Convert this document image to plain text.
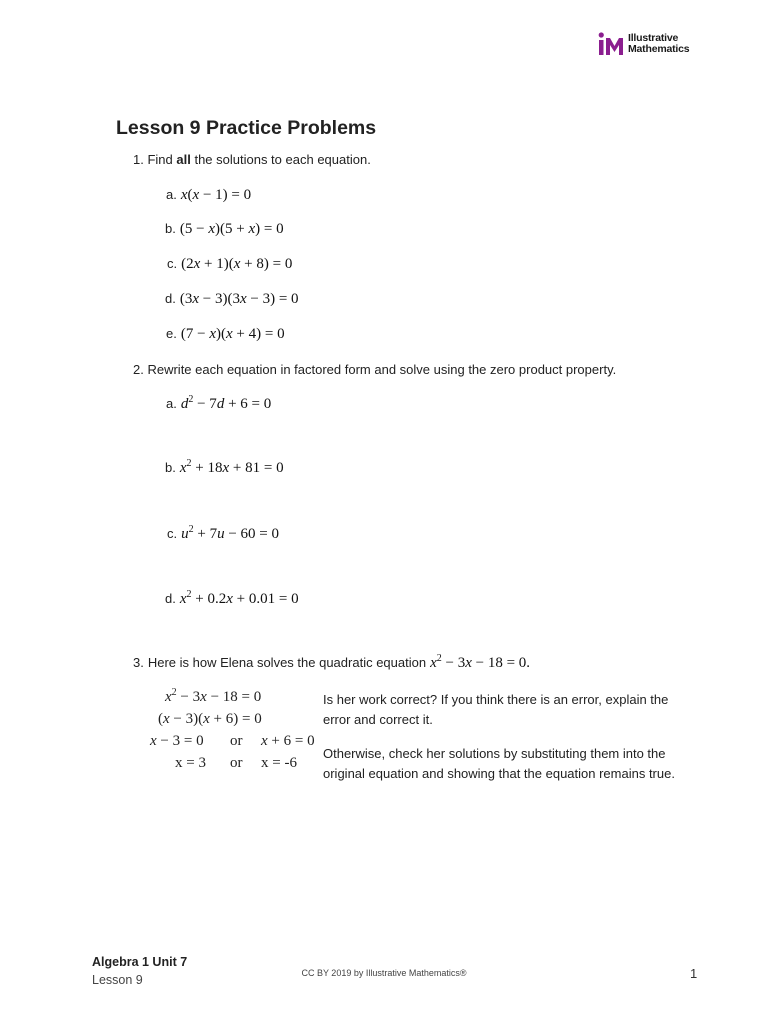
Illustrative
Mathematics
Lesson 9 Practice Problems
1. Find all the solutions to each equation.
a. x(x − 1) = 0
b. (5 − x)(5 + x) = 0
c. (2x + 1)(x + 8) = 0
d. (3x − 3)(3x − 3) = 0
e. (7 − x)(x + 4) = 0
2. Rewrite each equation in factored form and solve using the zero product property.
a. $d^2 - 7d + 6 = 0$
b. $x^2 + 18x + 81 = 0$
c. $u^2 + 7u - 60 = 0$
d. $x^2 + 0.2x + 0.01 = 0$
3. Here is how Elena solves the quadratic equation $x^2 - 3x - 18 = 0$.
$x^2 - 3x - 18 = 0$
(x − 3)(x + 6) = 0
x − 3 = 0 or x + 6 = 0
x = 3 or x = -6
Is her work correct? If you think there is an error, explain the error and correct it.
Otherwise, check her solutions by substituting them into the original equation and showing that the equation remains true.
Algebra 1 Unit 7
Lesson 9	CC BY 2019 by Illustrative Mathematics®	1
